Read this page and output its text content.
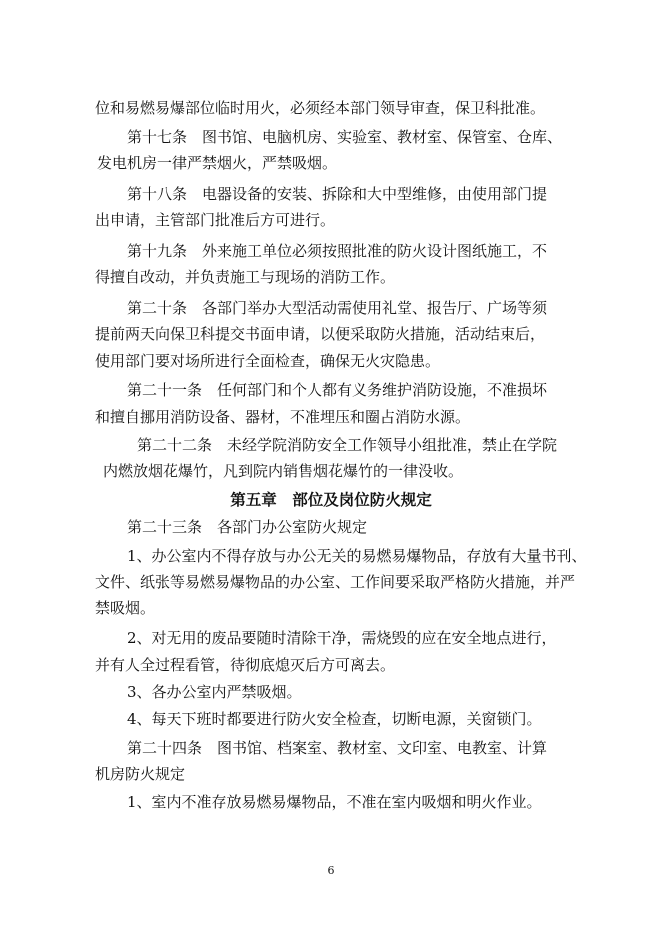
位和易燃易爆部位临时用火，必须经本部门领导审查，保卫科批准。
第十七条　图书馆、电脑机房、实验室、教材室、保管室、仓库、
发电机房一律严禁烟火，严禁吸烟。
第十八条　电器设备的安装、拆除和大中型维修，由使用部门提
出申请，主管部门批准后方可进行。
第十九条　外来施工单位必须按照批准的防火设计图纸施工，不
得擅自改动，并负责施工与现场的消防工作。
第二十条　各部门举办大型活动需使用礼堂、报告厅、广场等须
提前两天向保卫科提交书面申请，以便采取防火措施，活动结束后，
使用部门要对场所进行全面检查，确保无火灾隐患。
第二十一条　任何部门和个人都有义务维护消防设施，不准损坏
和擅自挪用消防设备、器材，不准埋压和圈占消防水源。
第二十二条　未经学院消防安全工作领导小组批准，禁止在学院
内燃放烟花爆竹，凡到院内销售烟花爆竹的一律没收。
第五章　部位及岗位防火规定
第二十三条　各部门办公室防火规定
1、办公室内不得存放与办公无关的易燃易爆物品，存放有大量书刊、
文件、纸张等易燃易爆物品的办公室、工作间要采取严格防火措施，并严
禁吸烟。
2、对无用的废品要随时清除干净，需烧毁的应在安全地点进行，
并有人全过程看管，待彻底熄灭后方可离去。
3、各办公室内严禁吸烟。
4、每天下班时都要进行防火安全检查，切断电源，关窗锁门。
第二十四条　图书馆、档案室、教材室、文印室、电教室、计算
机房防火规定
1、室内不准存放易燃易爆物品，不准在室内吸烟和明火作业。
6
